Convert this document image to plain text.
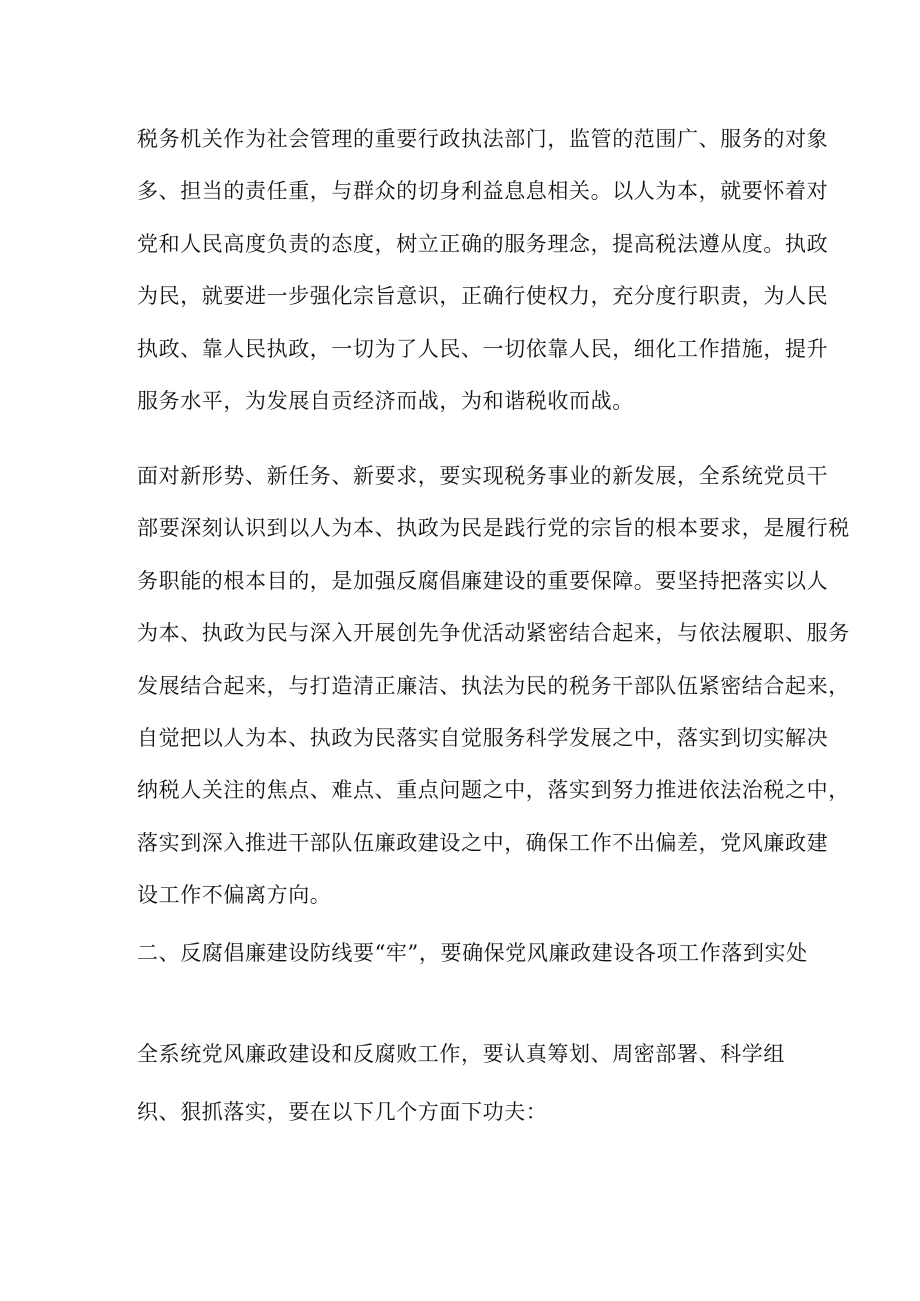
税务机关作为社会管理的重要行政执法部门，监管的范围广、服务的对象
多、担当的责任重，与群众的切身利益息息相关。以人为本，就要怀着对
党和人民高度负责的态度，树立正确的服务理念，提高税法遵从度。执政
为民，就要进一步强化宗旨意识，正确行使权力，充分度行职责，为人民
执政、靠人民执政，一切为了人民、一切依靠人民，细化工作措施，提升
服务水平，为发展自贡经济而战，为和谐税收而战。
面对新形势、新任务、新要求，要实现税务事业的新发展，全系统党员干
部要深刻认识到以人为本、执政为民是践行党的宗旨的根本要求，是履行税
务职能的根本目的，是加强反腐倡廉建设的重要保障。要坚持把落实以人
为本、执政为民与深入开展创先争优活动紧密结合起来，与依法履职、服务
发展结合起来，与打造清正廉洁、执法为民的税务干部队伍紧密结合起来，
自觉把以人为本、执政为民落实自觉服务科学发展之中，落实到切实解决
纳税人关注的焦点、难点、重点问题之中，落实到努力推进依法治税之中，
落实到深入推进干部队伍廉政建设之中，确保工作不出偏差，党风廉政建
设工作不偏离方向。
二、反腐倡廉建设防线要“牢”，要确保党风廉政建设各项工作落到实处
全系统党风廉政建设和反腐败工作，要认真筹划、周密部署、科学组
织、狠抓落实，要在以下几个方面下功夫：
